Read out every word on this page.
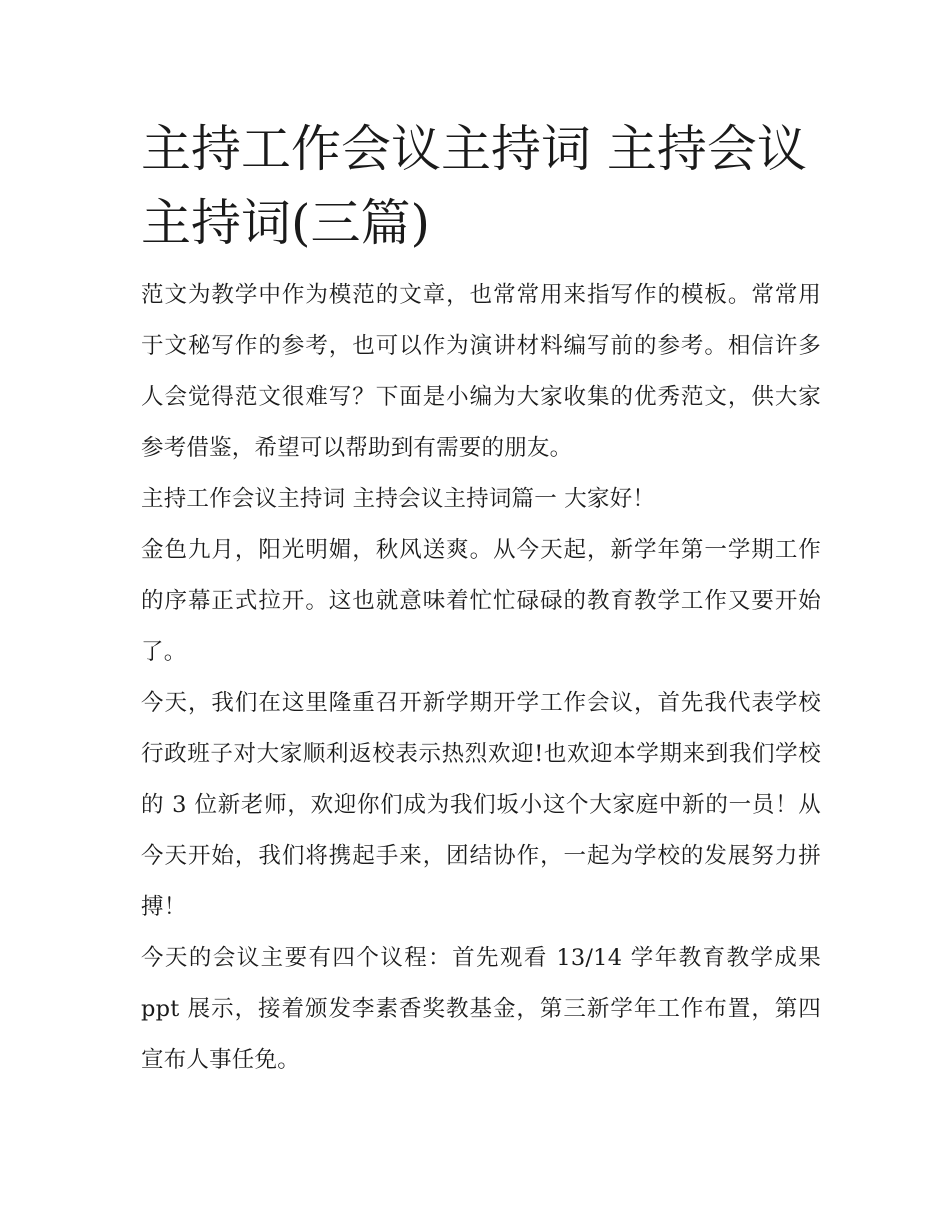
主持工作会议主持词 主持会议主持词(三篇)

范文为教学中作为模范的文章，也常常用来指写作的模板。常常用于文秘写作的参考，也可以作为演讲材料编写前的参考。相信许多人会觉得范文很难写？下面是小编为大家收集的优秀范文，供大家参考借鉴，希望可以帮助到有需要的朋友。

主持工作会议主持词 主持会议主持词篇一 大家好！

金色九月，阳光明媚，秋风送爽。从今天起，新学年第一学期工作的序幕正式拉开。这也就意味着忙忙碌碌的教育教学工作又要开始了。

今天，我们在这里隆重召开新学期开学工作会议，首先我代表学校行政班子对大家顺利返校表示热烈欢迎!也欢迎本学期来到我们学校的 3 位新老师，欢迎你们成为我们坂小这个大家庭中新的一员！从今天开始，我们将携起手来，团结协作，一起为学校的发展努力拼搏！

今天的会议主要有四个议程：首先观看 13/14 学年教育教学成果 ppt 展示，接着颁发李素香奖教基金，第三新学年工作布置，第四宣布人事任免。
